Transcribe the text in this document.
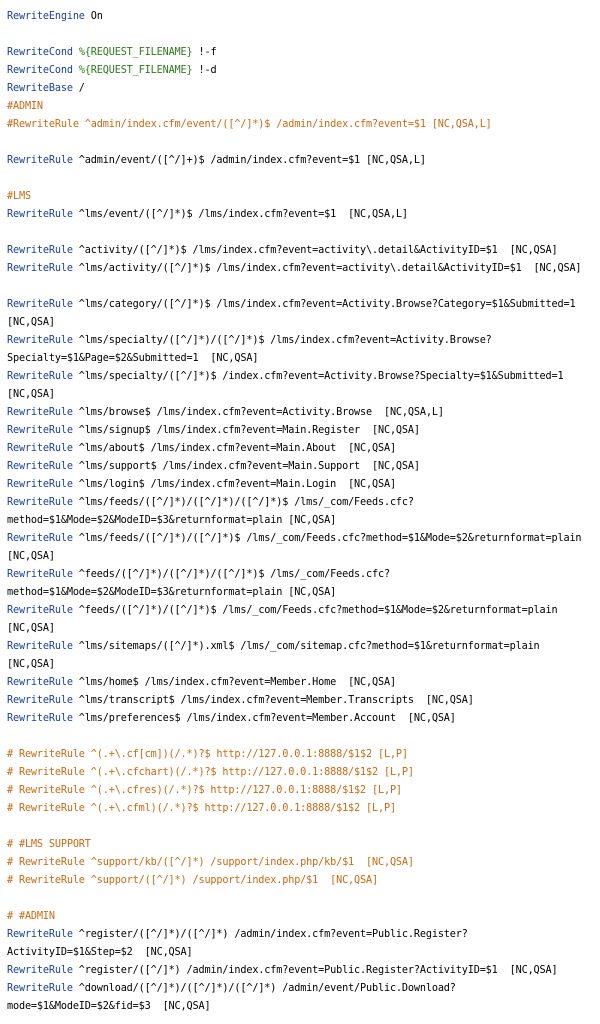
RewriteEngine On
RewriteCond %{REQUEST_FILENAME} !-f
RewriteCond %{REQUEST_FILENAME} !-d
RewriteBase /
#ADMIN
#RewriteRule ^admin/index.cfm/event/([^/]*)$ /admin/index.cfm?event=$1 [NC,QSA,L]
RewriteRule ^admin/event/([^/]+)$ /admin/index.cfm?event=$1 [NC,QSA,L]
#LMS
RewriteRule ^lms/event/([^/]*)$ /lms/index.cfm?event=$1  [NC,QSA,L]
RewriteRule ^activity/([^/]*)$ /lms/index.cfm?event=activity\.detail&ActivityID=$1  [NC,QSA]
RewriteRule ^lms/activity/([^/]*)$ /lms/index.cfm?event=activity\.detail&ActivityID=$1  [NC,QSA]
RewriteRule ^lms/category/([^/]*)$ /lms/index.cfm?event=Activity.Browse?Category=$1&Submitted=1
[NC,QSA]
RewriteRule ^lms/specialty/([^/]*)/([^/]*)$ /lms/index.cfm?event=Activity.Browse?
Specialty=$1&Page=$2&Submitted=1  [NC,QSA]
RewriteRule ^lms/specialty/([^/]*)$ /index.cfm?event=Activity.Browse?Specialty=$1&Submitted=1
[NC,QSA]
RewriteRule ^lms/browse$ /lms/index.cfm?event=Activity.Browse  [NC,QSA,L]
RewriteRule ^lms/signup$ /lms/index.cfm?event=Main.Register  [NC,QSA]
RewriteRule ^lms/about$ /lms/index.cfm?event=Main.About  [NC,QSA]
RewriteRule ^lms/support$ /lms/index.cfm?event=Main.Support  [NC,QSA]
RewriteRule ^lms/login$ /lms/index.cfm?event=Main.Login  [NC,QSA]
RewriteRule ^lms/feeds/([^/]*)/([^/]*)/([^/]*)$ /lms/_com/Feeds.cfc?
method=$1&Mode=$2&ModeID=$3&returnformat=plain [NC,QSA]
RewriteRule ^lms/feeds/([^/]*)/([^/]*)$ /lms/_com/Feeds.cfc?method=$1&Mode=$2&returnformat=plain
[NC,QSA]
RewriteRule ^feeds/([^/]*)/([^/]*)/([^/]*)$ /lms/_com/Feeds.cfc?
method=$1&Mode=$2&ModeID=$3&returnformat=plain [NC,QSA]
RewriteRule ^feeds/([^/]*)/([^/]*)$ /lms/_com/Feeds.cfc?method=$1&Mode=$2&returnformat=plain
[NC,QSA]
RewriteRule ^lms/sitemaps/([^/]*).xml$ /lms/_com/sitemap.cfc?method=$1&returnformat=plain
[NC,QSA]
RewriteRule ^lms/home$ /lms/index.cfm?event=Member.Home  [NC,QSA]
RewriteRule ^lms/transcript$ /lms/index.cfm?event=Member.Transcripts  [NC,QSA]
RewriteRule ^lms/preferences$ /lms/index.cfm?event=Member.Account  [NC,QSA]
# RewriteRule ^(.+\.cf[cm])(/.*)?$ http://127.0.0.1:8888/$1$2 [L,P]
# RewriteRule ^(.+\.cfchart)(/.*)?$ http://127.0.0.1:8888/$1$2 [L,P]
# RewriteRule ^(.+\.cfres)(/.*)?$ http://127.0.0.1:8888/$1$2 [L,P]
# RewriteRule ^(.+\.cfml)(/.*)?$ http://127.0.0.1:8888/$1$2 [L,P]
# #LMS SUPPORT
# RewriteRule ^support/kb/([^/]*) /support/index.php/kb/$1  [NC,QSA]
# RewriteRule ^support/([^/]*) /support/index.php/$1  [NC,QSA]
# #ADMIN
RewriteRule ^register/([^/]*)/([^/]*) /admin/index.cfm?event=Public.Register?
ActivityID=$1&Step=$2  [NC,QSA]
RewriteRule ^register/([^/]*) /admin/index.cfm?event=Public.Register?ActivityID=$1  [NC,QSA]
RewriteRule ^download/([^/]*)/([^/]*)/([^/]*) /admin/event/Public.Download?
mode=$1&ModeID=$2&fid=$3  [NC,QSA]
